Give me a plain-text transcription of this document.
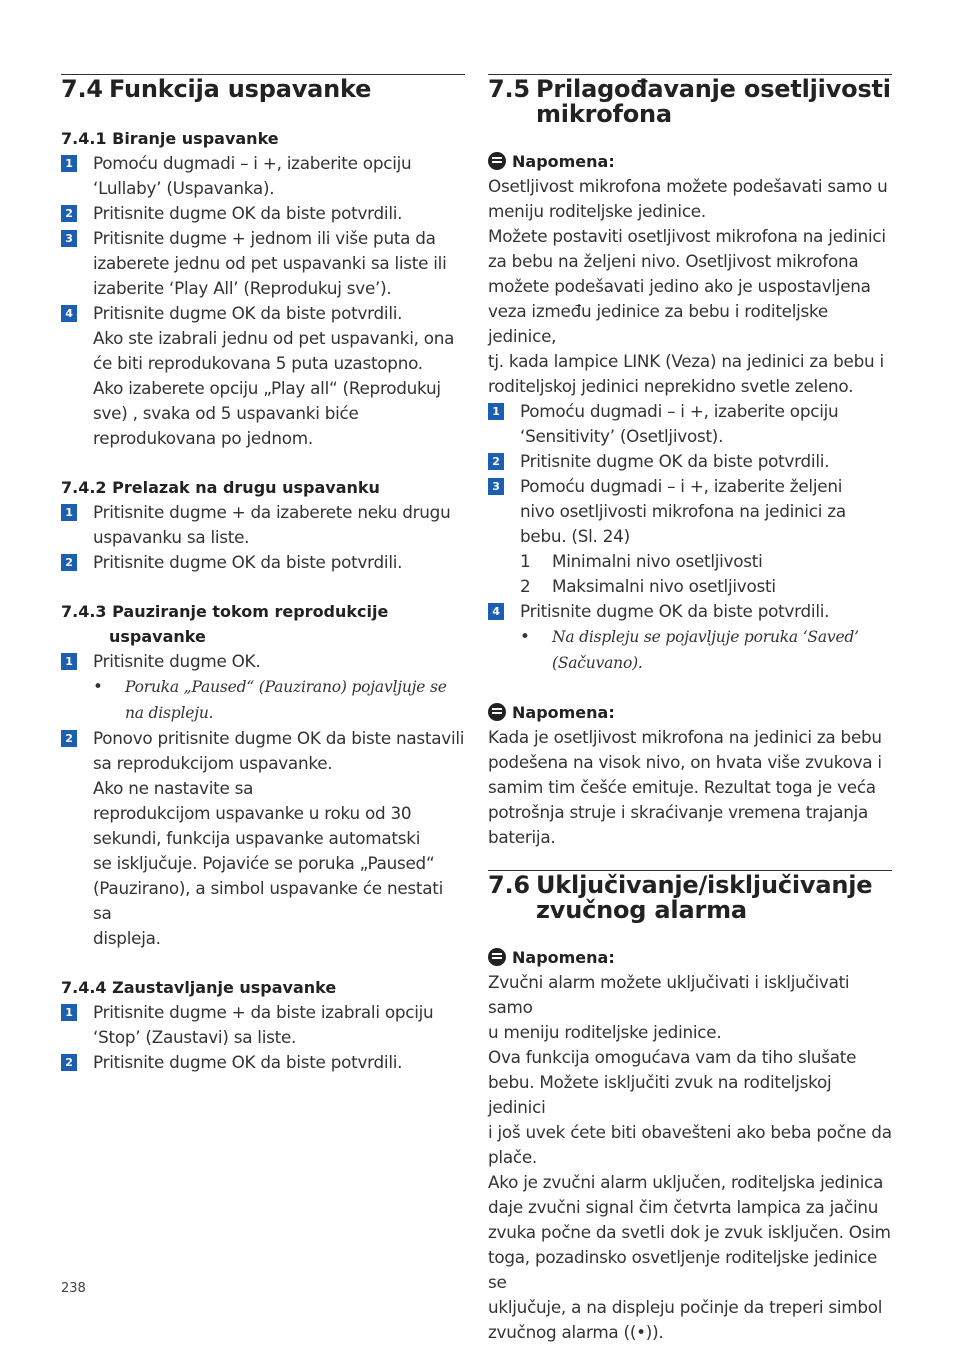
7.4 Funkcija uspavanke
7.4.1 Biranje uspavanke
1 Pomoću dugmadi – i +, izaberite opciju
‘Lullaby’ (Uspavanka).
2 Pritisnite dugme OK da biste potvrdili.
3 Pritisnite dugme + jednom ili više puta da
izaberete jednu od pet uspavanki sa liste ili
izaberite ‘Play All’ (Reprodukuj sve’).
4 Pritisnite dugme OK da biste potvrdili.
Ako ste izabrali jednu od pet uspavanki, ona
će biti reprodukovana 5 puta uzastopno.
Ako izaberete opciju „Play all“ (Reprodukuj
sve) , svaka od 5 uspavanki biće
reprodukovana po jednom.
7.4.2 Prelazak na drugu uspavanku
1 Pritisnite dugme + da izaberete neku drugu
uspavanku sa liste.
2 Pritisnite dugme OK da biste potvrdili.
7.4.3 Pauziranje tokom reprodukcije
uspavanke
1 Pritisnite dugme OK.
• Poruka „Paused“ (Pauzirano) pojavljuje se
na displeju.
2 Ponovo pritisnite dugme OK da biste nastavili
sa reprodukcijom uspavanke.
Ako ne nastavite sa
reprodukcijom uspavanke u roku od 30
sekundi, funkcija uspavanke automatski
se isključuje. Pojaviće se poruka „Paused“
(Pauzirano), a simbol uspavanke će nestati sa
displeja.
7.4.4 Zaustavljanje uspavanke
1 Pritisnite dugme + da biste izabrali opciju
‘Stop’ (Zaustavi) sa liste.
2 Pritisnite dugme OK da biste potvrdili.
7.5 Prilagođavanje osetljivosti
mikrofona
Napomena:

Osetljivost mikrofona možete podešavati samo u
meniju roditeljske jedinice.

Možete postaviti osetljivost mikrofona na jedinici
za bebu na željeni nivo. Osetljivost mikrofona
možete podešavati jedino ako je uspostavljena
veza između jedinice za bebu i roditeljske jedinice,
tj. kada lampice LINK (Veza) na jedinici za bebu i
roditeljskoj jedinici neprekidno svetle zeleno.

1 Pomoću dugmadi – i +, izaberite opciju
‘Sensitivity’ (Osetljivost).
2 Pritisnite dugme OK da biste potvrdili.
3 Pomoću dugmadi – i +, izaberite željeni
nivo osetljivosti mikrofona na jedinici za
bebu. (Sl. 24)
1 Minimalni nivo osetljivosti
2 Maksimalni nivo osetljivosti
4 Pritisnite dugme OK da biste potvrdili.
• Na displeju se pojavljuje poruka ‘Saved’
(Sačuvano).
Napomena:

Kada je osetljivost mikrofona na jedinici za bebu
podešena na visok nivo, on hvata više zvukova i
samim tim češće emituje. Rezultat toga je veća
potrošnja struje i skraćivanje vremena trajanja
baterija.

7.6 Uključivanje/isključivanje
zvučnog alarma
Napomena:

Zvučni alarm možete uključivati i isključivati samo
u meniju roditeljske jedinice.
Ova funkcija omogućava vam da tiho slušate
bebu. Možete isključiti zvuk na roditeljskoj jedinici
i još uvek ćete biti obavešteni ako beba počne da
plače.
Ako je zvučni alarm uključen, roditeljska jedinica
daje zvučni signal čim četvrta lampica za jačinu
zvuka počne da svetli dok je zvuk isključen. Osim
toga, pozadinsko osvetljenje roditeljske jedinice se
uključuje, a na displeju počinje da treperi simbol
zvučnog alarma ((•)).

238
